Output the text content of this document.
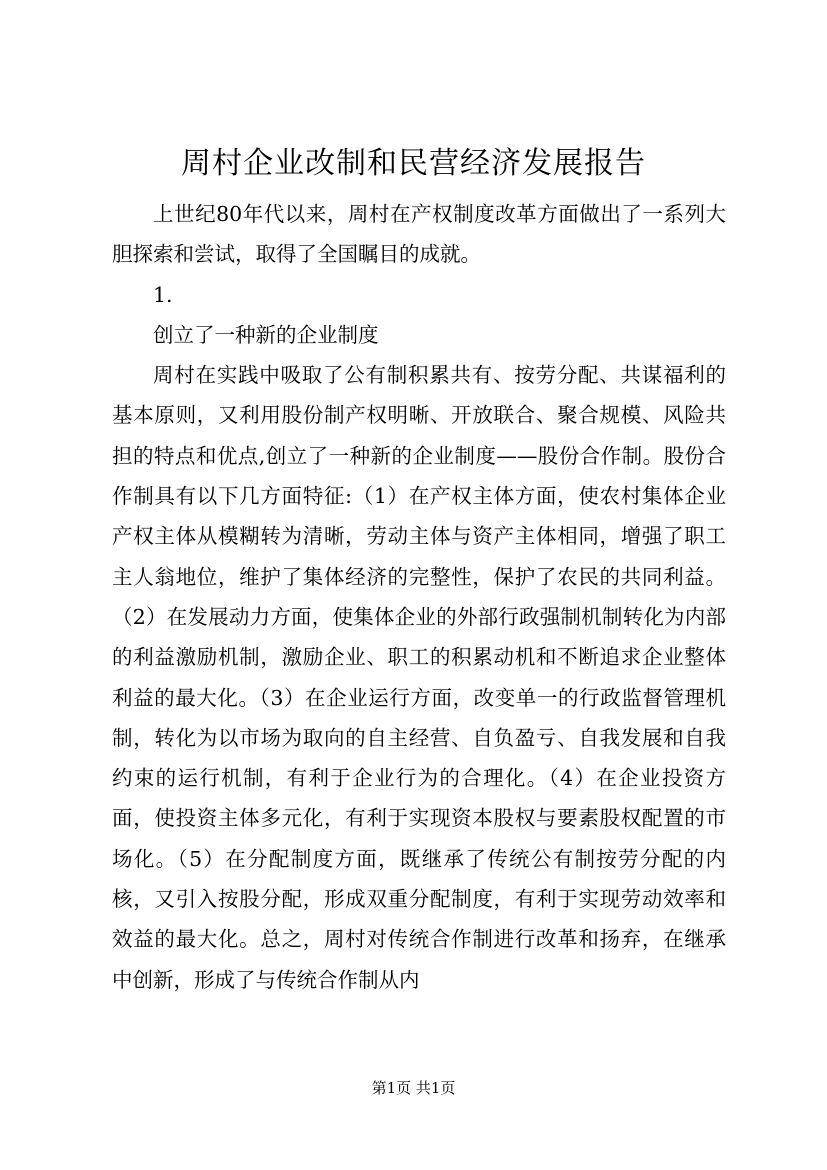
周村企业改制和民营经济发展报告

上世纪80年代以来，周村在产权制度改革方面做出了一系列大胆探索和尝试，取得了全国瞩目的成就。

1.

创立了一种新的企业制度

周村在实践中吸取了公有制积累共有、按劳分配、共谋福利的基本原则，又利用股份制产权明晰、开放联合、聚合规模、风险共担的特点和优点,创立了一种新的企业制度——股份合作制。股份合作制具有以下几方面特征:（1）在产权主体方面，使农村集体企业产权主体从模糊转为清晰，劳动主体与资产主体相同，增强了职工主人翁地位，维护了集体经济的完整性，保护了农民的共同利益。（2）在发展动力方面，使集体企业的外部行政强制机制转化为内部的利益激励机制，激励企业、职工的积累动机和不断追求企业整体利益的最大化。（3）在企业运行方面，改变单一的行政监督管理机制，转化为以市场为取向的自主经营、自负盈亏、自我发展和自我约束的运行机制，有利于企业行为的合理化。（4）在企业投资方面，使投资主体多元化，有利于实现资本股权与要素股权配置的市场化。（5）在分配制度方面，既继承了传统公有制按劳分配的内核，又引入按股分配，形成双重分配制度，有利于实现劳动效率和效益的最大化。总之，周村对传统合作制进行改革和扬弃，在继承中创新，形成了与传统合作制从内

第1页 共1页
